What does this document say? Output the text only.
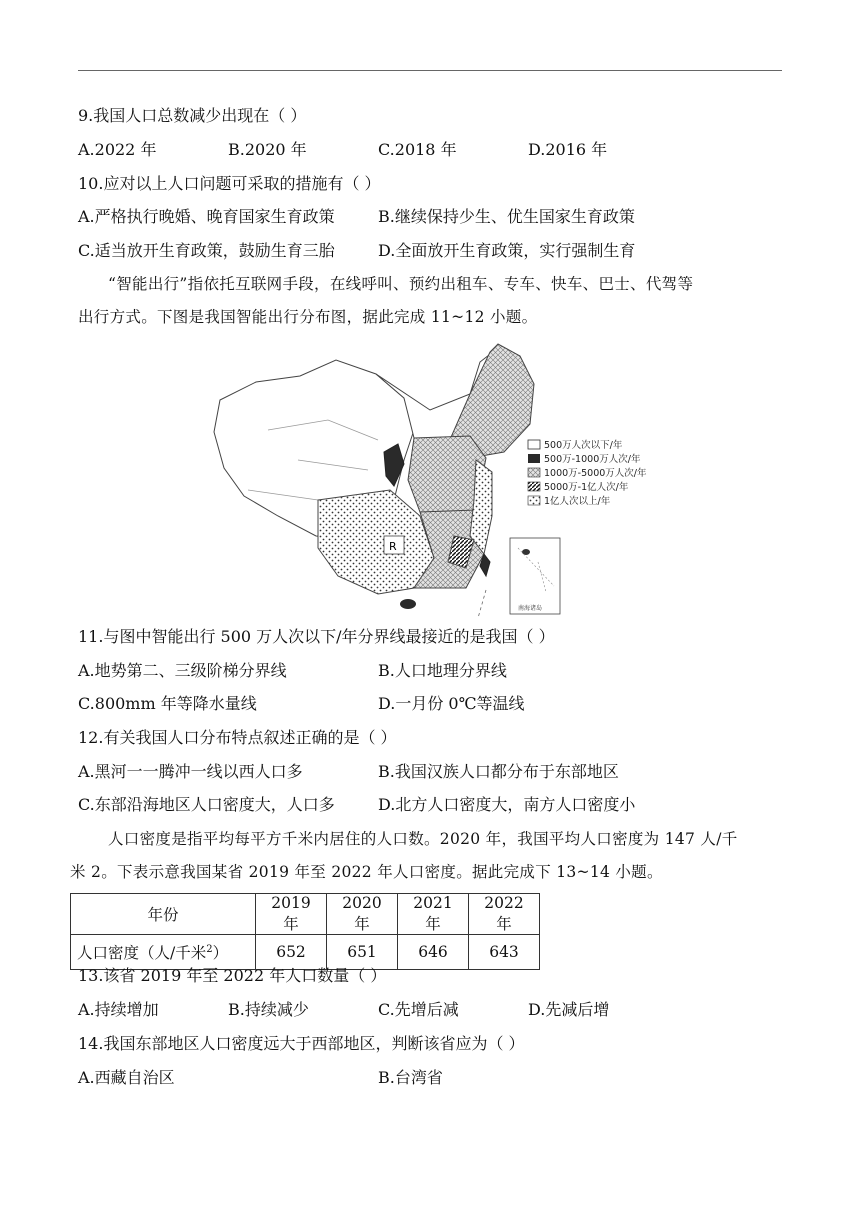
9.我国人口总数减少出现在（ ）
A.2022 年	B.2020 年	C.2018 年	D.2016 年
10.应对以上人口问题可采取的措施有（ ）
A.严格执行晚婚、晚育国家生育政策	B.继续保持少生、优生国家生育政策
C.适当放开生育政策，鼓励生育三胎	D.全面放开生育政策，实行强制生育
“智能出行”指依托互联网手段，在线呼叫、预约出租车、专车、快车、巴士、代驾等
出行方式。下图是我国智能出行分布图，据此完成 11~12 小题。
R
南海诸岛
500万人次以下/年
500万-1000万人次/年
1000万-5000万人次/年
5000万-1亿人次/年
1亿人次以上/年
11.与图中智能出行 500 万人次以下/年分界线最接近的是我国（ ）
A.地势第二、三级阶梯分界线	B.人口地理分界线
C.800mm 年等降水量线	D.一月份 0℃等温线
12.有关我国人口分布特点叙述正确的是（ ）
A.黑河一一腾冲一线以西人口多	B.我国汉族人口都分布于东部地区
C.东部沿海地区人口密度大，人口多	D.北方人口密度大，南方人口密度小
人口密度是指平均每平方千米内居住的人口数。2020 年，我国平均人口密度为 147 人/千
米 2。下表示意我国某省 2019 年至 2022 年人口密度。据此完成下 13~14 小题。
年份	2019 年	2020 年	2021 年	2022 年
人口密度（人/千米$^2$）	652	651	646	643
13.该省 2019 年至 2022 年人口数量（ ）
A.持续增加	B.持续减少	C.先增后减	D.先减后增
14.我国东部地区人口密度远大于西部地区，判断该省应为（ ）
A.西藏自治区	B.台湾省
